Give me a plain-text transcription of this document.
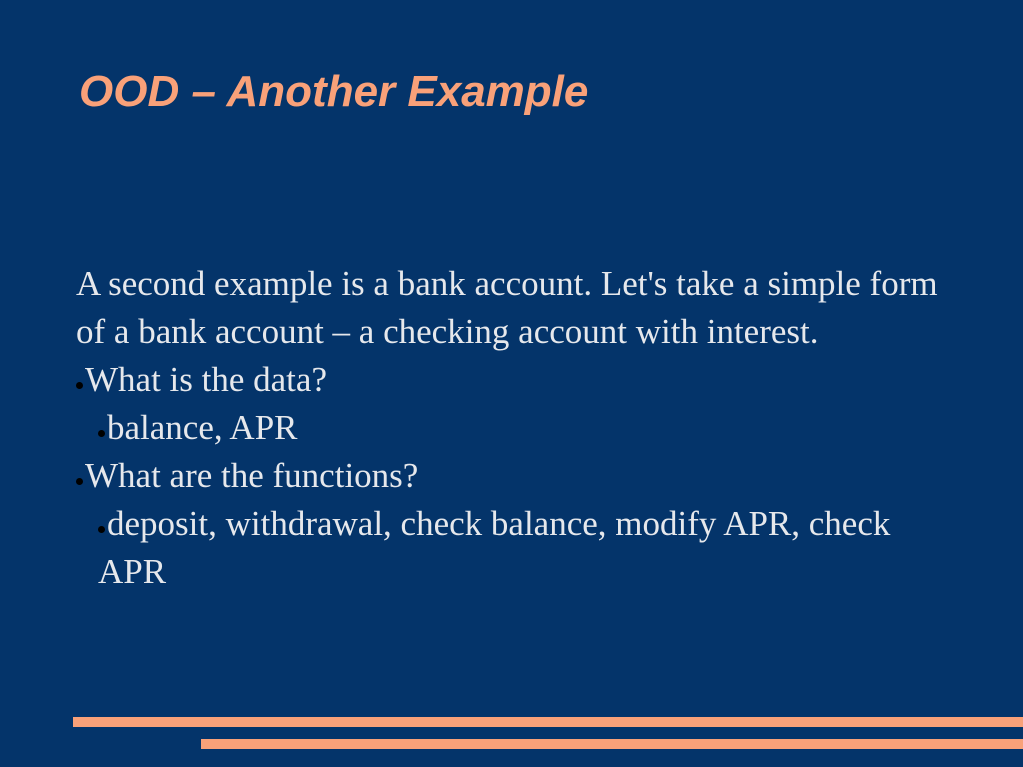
OOD – Another Example

A second example is a bank account. Let's take a simple form of a bank account – a checking account with interest.

What is the data?
balance, APR
What are the functions?
deposit, withdrawal, check balance, modify APR, check APR
